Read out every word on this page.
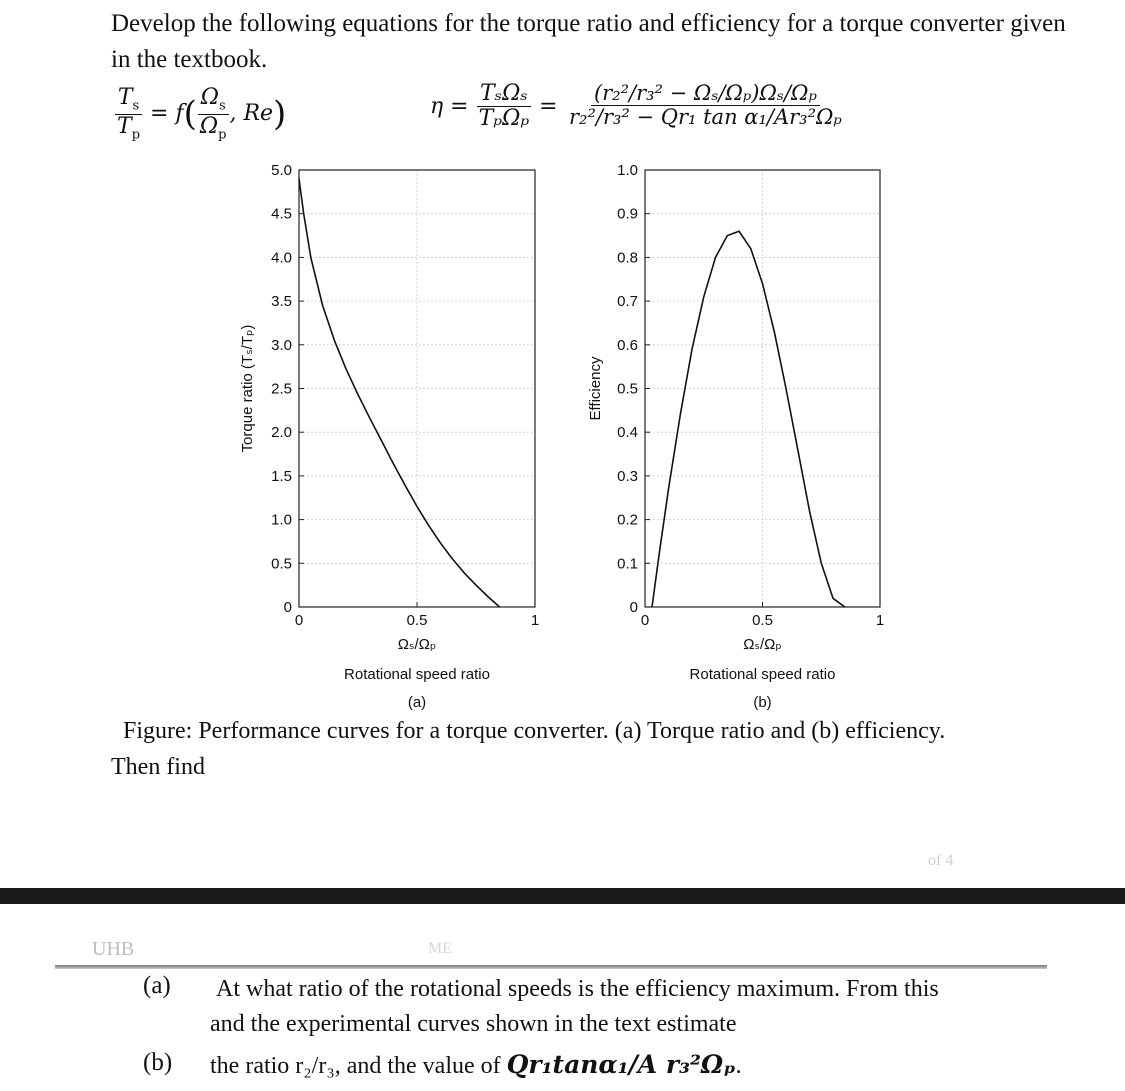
Develop the following equations for the torque ratio and efficiency for a torque converter given in the textbook.
$\frac{T_s}{T_p} = f( \frac{\Omega_s}{\Omega_p}$ , Re)	$\eta = \frac{\text{TₛΩₛ}}{\text{TₚΩₚ}} = \frac{\text{(r₂²/r₃² − Ωₛ/Ωₚ)Ωₛ/Ωₚ}}{\text{r₂²/r₃² − Qr₁ tan α₁/Ar₃²Ωₚ}}$
0
0.5
1.0
1.5
2.0
2.5
3.0
3.5
4.0
4.5
5.0
0	0.5	1
Ωₛ/Ωₚ
Rotational speed ratio
(a)
Torque ratio (Tₛ/Tₚ)
0
0.1
0.2
0.3
0.4
0.5
0.6
0.7
0.8
0.9
1.0
0	0.5	1
Ωₛ/Ωₚ
Rotational speed ratio
(b)
Efficiency
Figure: Performance curves for a torque converter. (a) Torque ratio and (b) efficiency.
Then find
of 4
UHB	ME
(a) At what ratio of the rotational speeds is the efficiency maximum. From this
and the experimental curves shown in the text estimate
(b) the ratio r₂/r₃, and the value of Qr₁tanα₁/A r₃²Ωₚ.
